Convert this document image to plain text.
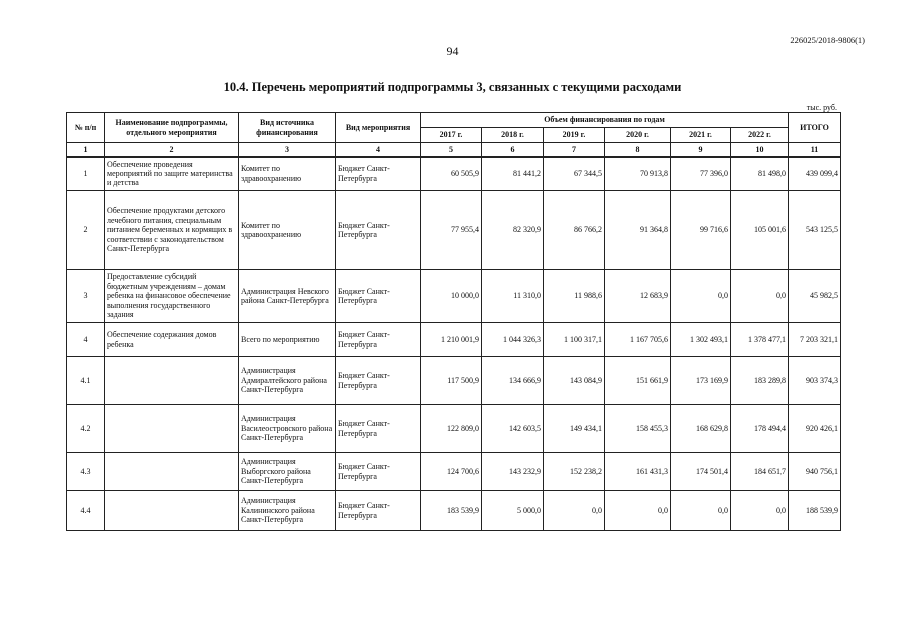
226025/2018-9806(1)
94
10.4. Перечень мероприятий подпрограммы 3, связанных с текущими расходами
тыс. руб.
№ п/п	Наименование подпрограммы, отдельного мероприятия	Вид источника финансирования	Вид мероприятия	Объем финансирования по годам						ИТОГО
				2017 г.	2018 г.	2019 г.	2020 г.	2021 г.	2022 г.	
1	2	3	4	5	6	7	8	9	10	11
1	Обеспечение проведения мероприятий по защите материнства и детства	Комитет по здравоохранению	Бюджет Санкт-Петербурга	60 505,9	81 441,2	67 344,5	70 913,8	77 396,0	81 498,0	439 099,4
2	Обеспечение продуктами детского лечебного питания, специальным питанием беременных и кормящих в соответствии с законодательством Санкт-Петербурга	Комитет по здравоохранению	Бюджет Санкт-Петербурга	77 955,4	82 320,9	86 766,2	91 364,8	99 716,6	105 001,6	543 125,5
3	Предоставление субсидий бюджетным учреждениям – домам ребенка на финансовое обеспечение выполнения государственного задания	Администрация Невского района Санкт-Петербурга	Бюджет Санкт-Петербурга	10 000,0	11 310,0	11 988,6	12 683,9	0,0	0,0	45 982,5
4	Обеспечение содержания домов ребенка	Всего по мероприятию	Бюджет Санкт-Петербурга	1 210 001,9	1 044 326,3	1 100 317,1	1 167 705,6	1 302 493,1	1 378 477,1	7 203 321,1
4.1		Администрация Адмиралтейского района Санкт-Петербурга	Бюджет Санкт-Петербурга	117 500,9	134 666,9	143 084,9	151 661,9	173 169,9	183 289,8	903 374,3
4.2		Администрация Василеостровского района Санкт-Петербурга	Бюджет Санкт-Петербурга	122 809,0	142 603,5	149 434,1	158 455,3	168 629,8	178 494,4	920 426,1
4.3		Администрация Выборгского района Санкт-Петербурга	Бюджет Санкт-Петербурга	124 700,6	143 232,9	152 238,2	161 431,3	174 501,4	184 651,7	940 756,1
4.4		Администрация Калининского района Санкт-Петербурга	Бюджет Санкт-Петербурга	183 539,9	5 000,0	0,0	0,0	0,0	0,0	188 539,9
